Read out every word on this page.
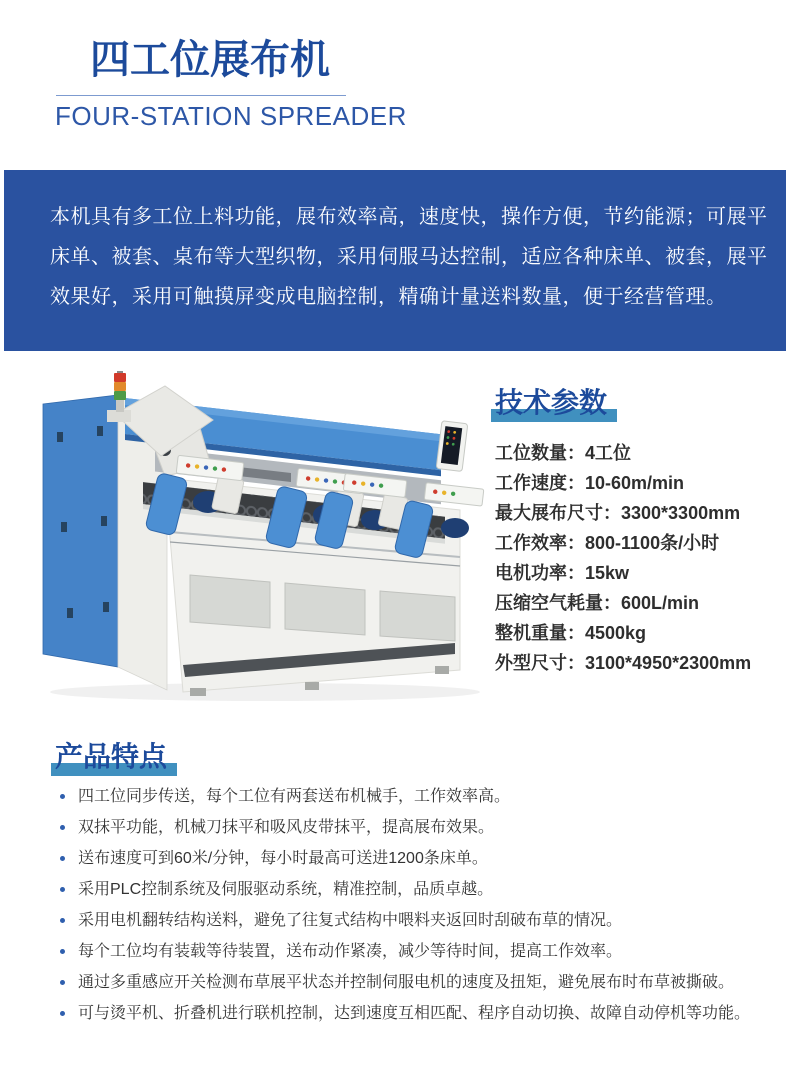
四工位展布机
FOUR-STATION SPREADER
本机具有多工位上料功能，展布效率高，速度快，操作方便，节约能源；可展平
床单、被套、桌布等大型织物，采用伺服马达控制，适应各种床单、被套，展平
效果好，采用可触摸屏变成电脑控制，精确计量送料数量，便于经营管理。
技术参数
工位数量：4工位
工作速度：10-60m/min
最大展布尺寸：3300*3300mm
工作效率：800-1100条/小时
电机功率：15kw
压缩空气耗量：600L/min
整机重量：4500kg
外型尺寸：3100*4950*2300mm
产品特点
四工位同步传送，每个工位有两套送布机械手，工作效率高。
双抹平功能，机械刀抹平和吸风皮带抹平，提高展布效果。
送布速度可到60米/分钟，每小时最高可送进1200条床单。
采用PLC控制系统及伺服驱动系统，精准控制，品质卓越。
采用电机翻转结构送料，避免了往复式结构中喂料夹返回时刮破布草的情况。
每个工位均有装载等待装置，送布动作紧凑，减少等待时间，提高工作效率。
通过多重感应开关检测布草展平状态并控制伺服电机的速度及扭矩，避免展布时布草被撕破。
可与烫平机、折叠机进行联机控制，达到速度互相匹配、程序自动切换、故障自动停机等功能。
